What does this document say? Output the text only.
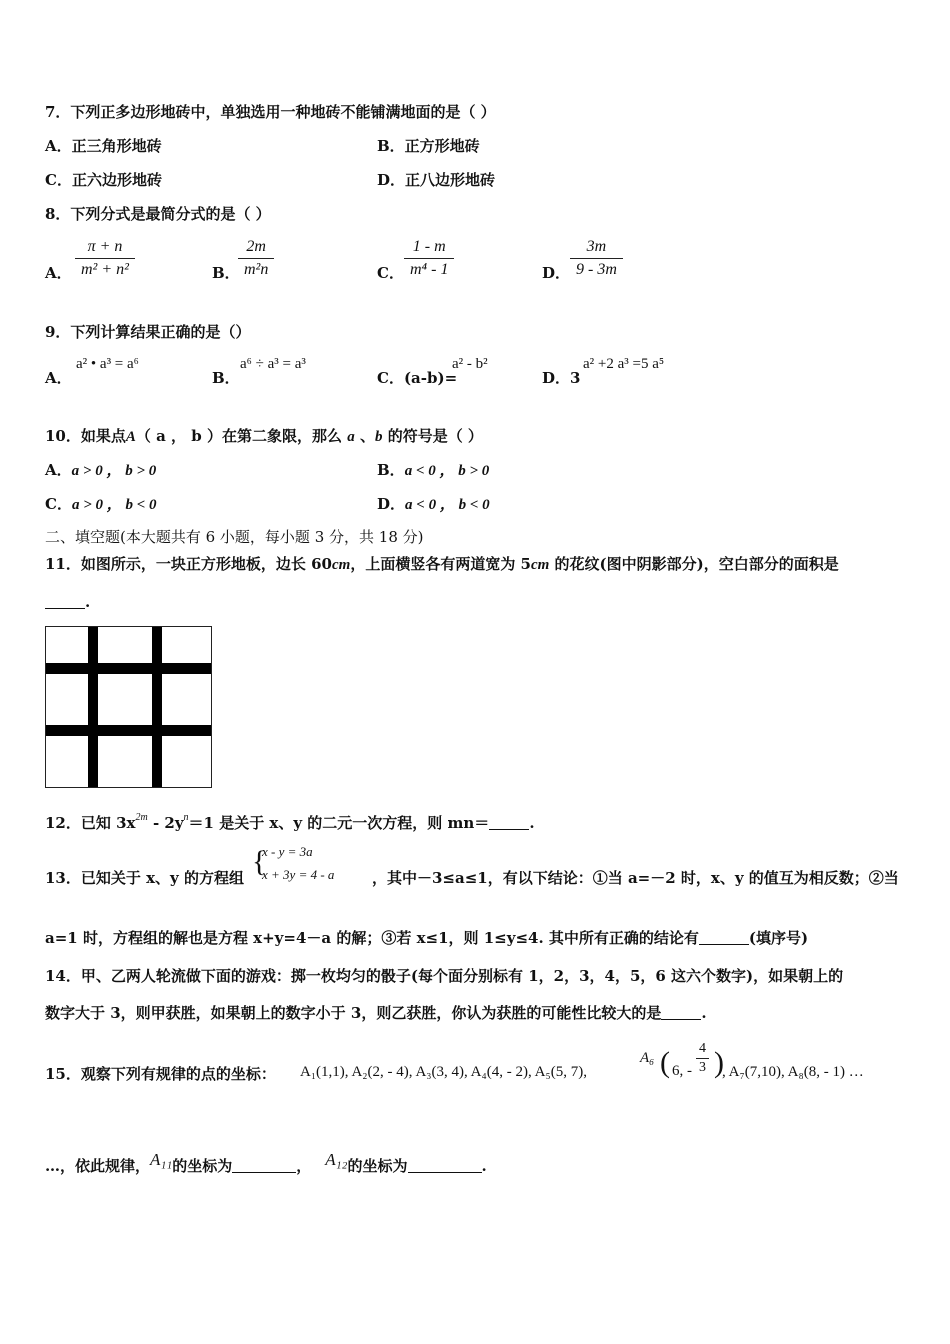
7．下列正多边形地砖中，单独选用一种地砖不能铺满地面的是（ ）
A．正三角形地砖	B．正方形地砖
C．正六边形地砖	D．正八边形地砖
8．下列分式是最简分式的是（ ）
A．
π + n
m² + n²	B．
2m
m²n	C．
1 - m
m⁴ - 1	D．
3m
9 - 3m
9．下列计算结果正确的是（）
A．
a² • a³ = a⁶
B．
a⁶ ÷ a³ = a³
C．(a-b)=
a² - b²
D．3
a² +2 a³ =5 a⁵
10．如果点A（ a ， b ）在第二象限，那么 a 、b 的符号是（ ）
A．a > 0 ， b > 0	B．a < 0 ， b > 0
C．a > 0 ， b < 0	D．a < 0 ， b < 0
二、填空题(本大题共有 6 小题，每小题 3 分，共 18 分)
11．如图所示，一块正方形地板，边长 60cm，上面横竖各有两道宽为 5cm 的花纹(图中阴影部分)，空白部分的面积是
.
12．已知 $3x^{2m} - 2y^n=1$ 是关于 x、y 的二元一次方程，则 mn＝	.
13．已知关于 x、y 的方程组 {
x - y = 3a
x + 3y = 4 - a	，其中－3≤a≤1，有以下结论：①当 a=－2 时，x、y 的值互为相反数；②当
a=1 时，方程组的解也是方程 x+y=4－a 的解；③若 x≤1，则 1≤y≤4. 其中所有正确的结论有	(填序号)
14．甲、乙两人轮流做下面的游戏：掷一枚均匀的骰子(每个面分别标有 1，2，3，4，5，6 这六个数字)，如果朝上的
数字大于 3，则甲获胜，如果朝上的数字小于 3，则乙获胜，你认为获胜的可能性比较大的是	.
15．观察下列有规律的点的坐标： A₁(1,1), A₂(2, - 4), A₃(3, 4), A₄(4, - 2), A₅(5, 7),
A₆ ( 6, -
4
3 )
, A₇(7,10), A₈(8, - 1) …
…，依此规律，A₁₁的坐标为	， A₁₂的坐标为	.
